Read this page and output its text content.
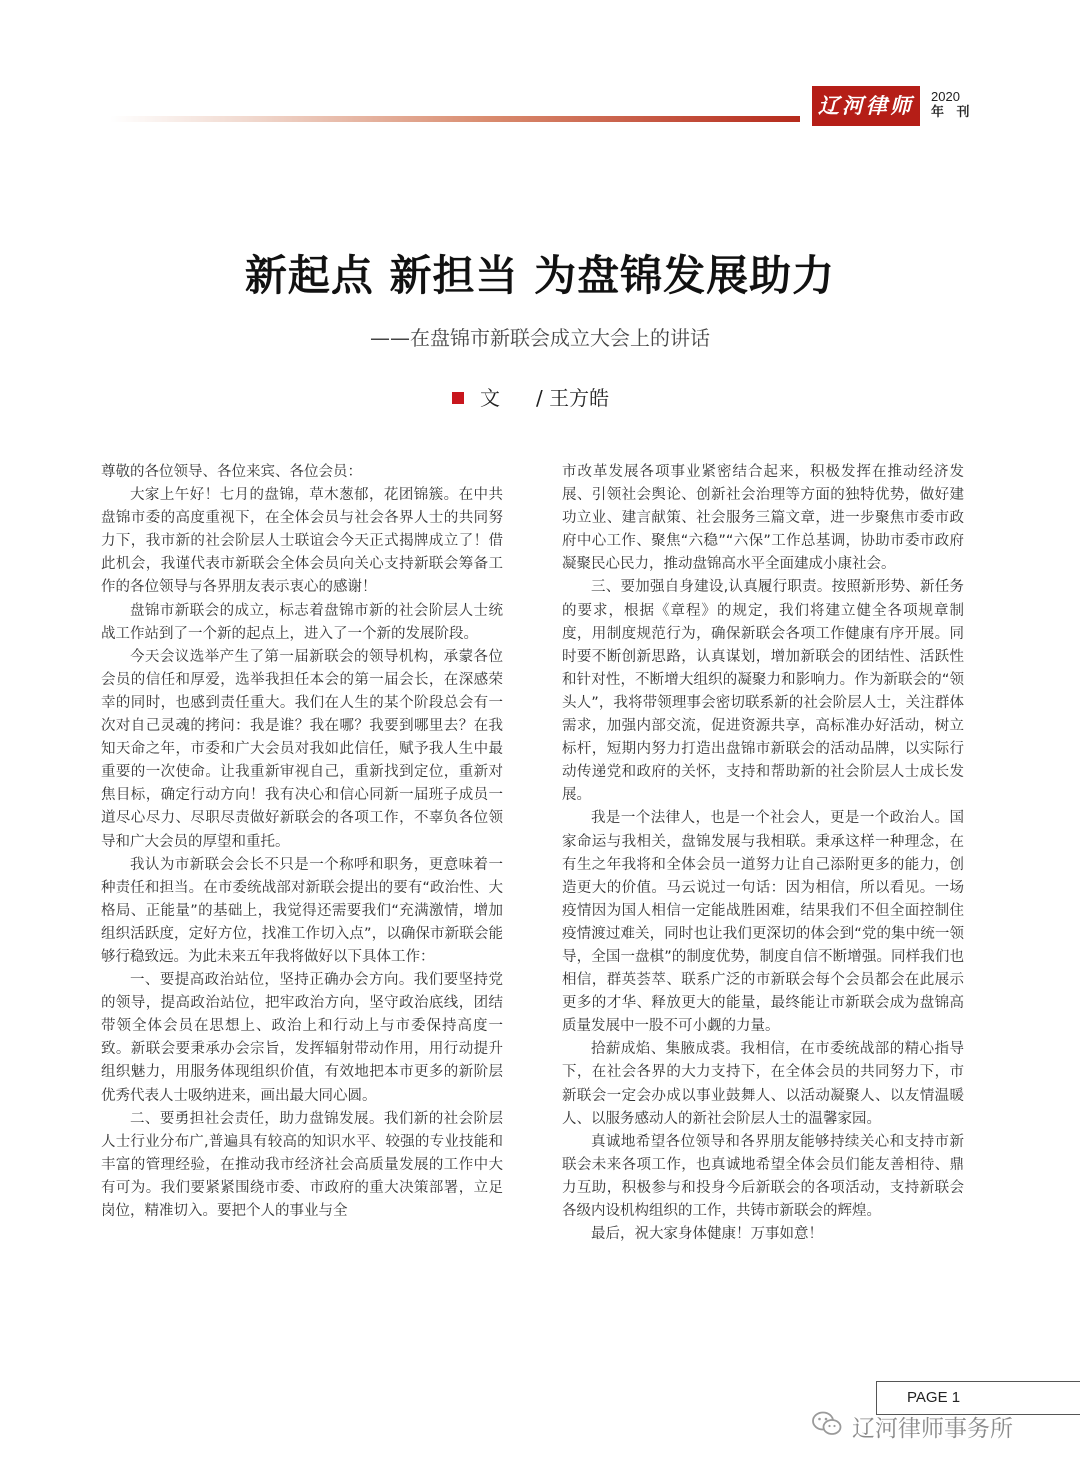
辽河律师	2020
年 刊
新起点 新担当 为盘锦发展助力
——在盘锦市新联会成立大会上的讲话
文 / 王方皓

尊敬的各位领导、各位来宾、各位会员：

大家上午好！七月的盘锦，草木葱郁，花团锦簇。在中共盘锦市委的高度重视下，在全体会员与社会各界人士的共同努力下，我市新的社会阶层人士联谊会今天正式揭牌成立了！借此机会，我谨代表市新联会全体会员向关心支持新联会筹备工作的各位领导与各界朋友表示衷心的感谢！

盘锦市新联会的成立，标志着盘锦市新的社会阶层人士统战工作站到了一个新的起点上，进入了一个新的发展阶段。

今天会议选举产生了第一届新联会的领导机构，承蒙各位会员的信任和厚爱，选举我担任本会的第一届会长，在深感荣幸的同时，也感到责任重大。我们在人生的某个阶段总会有一次对自己灵魂的拷问：我是谁？我在哪？我要到哪里去？在我知天命之年，市委和广大会员对我如此信任，赋予我人生中最重要的一次使命。让我重新审视自己，重新找到定位，重新对焦目标，确定行动方向！我有决心和信心同新一届班子成员一道尽心尽力、尽职尽责做好新联会的各项工作，不辜负各位领导和广大会员的厚望和重托。

我认为市新联会会长不只是一个称呼和职务，更意味着一种责任和担当。在市委统战部对新联会提出的要有“政治性、大格局、正能量”的基础上，我觉得还需要我们“充满激情，增加组织活跃度，定好方位，找准工作切入点”，以确保市新联会能够行稳致远。为此未来五年我将做好以下具体工作：

一、要提高政治站位，坚持正确办会方向。我们要坚持党的领导，提高政治站位，把牢政治方向，坚守政治底线，团结带领全体会员在思想上、政治上和行动上与市委保持高度一致。新联会要秉承办会宗旨，发挥辐射带动作用，用行动提升组织魅力，用服务体现组织价值，有效地把本市更多的新阶层优秀代表人士吸纳进来，画出最大同心圆。

二、要勇担社会责任，助力盘锦发展。我们新的社会阶层人士行业分布广,普遍具有较高的知识水平、较强的专业技能和丰富的管理经验，在推动我市经济社会高质量发展的工作中大有可为。我们要紧紧围绕市委、市政府的重大决策部署，立足岗位，精准切入。要把个人的事业与全

市改革发展各项事业紧密结合起来，积极发挥在推动经济发展、引领社会舆论、创新社会治理等方面的独特优势，做好建功立业、建言献策、社会服务三篇文章，进一步聚焦市委市政府中心工作、聚焦“六稳”“六保”工作总基调，协助市委市政府凝聚民心民力，推动盘锦高水平全面建成小康社会。

三、要加强自身建设,认真履行职责。按照新形势、新任务的要求，根据《章程》的规定，我们将建立健全各项规章制度，用制度规范行为，确保新联会各项工作健康有序开展。同时要不断创新思路，认真谋划，增加新联会的团结性、活跃性和针对性，不断增大组织的凝聚力和影响力。作为新联会的“领头人”，我将带领理事会密切联系新的社会阶层人士，关注群体需求，加强内部交流，促进资源共享，高标准办好活动，树立标杆，短期内努力打造出盘锦市新联会的活动品牌，以实际行动传递党和政府的关怀，支持和帮助新的社会阶层人士成长发展。

我是一个法律人，也是一个社会人，更是一个政治人。国家命运与我相关，盘锦发展与我相联。秉承这样一种理念，在有生之年我将和全体会员一道努力让自己添附更多的能力，创造更大的价值。马云说过一句话：因为相信，所以看见。一场疫情因为国人相信一定能战胜困难，结果我们不但全面控制住疫情渡过难关，同时也让我们更深切的体会到“党的集中统一领导，全国一盘棋”的制度优势，制度自信不断增强。同样我们也相信，群英荟萃、联系广泛的市新联会每个会员都会在此展示更多的才华、释放更大的能量，最终能让市新联会成为盘锦高质量发展中一股不可小觑的力量。

拾薪成焰、集腋成裘。我相信，在市委统战部的精心指导下，在社会各界的大力支持下，在全体会员的共同努力下，市新联会一定会办成以事业鼓舞人、以活动凝聚人、以友情温暖人、以服务感动人的新社会阶层人士的温馨家园。

真诚地希望各位领导和各界朋友能够持续关心和支持市新联会未来各项工作，也真诚地希望全体会员们能友善相待、鼎力互助，积极参与和投身今后新联会的各项活动，支持新联会各级内设机构组织的工作，共铸市新联会的辉煌。

最后，祝大家身体健康！万事如意！

PAGE 1
辽河律师事务所
